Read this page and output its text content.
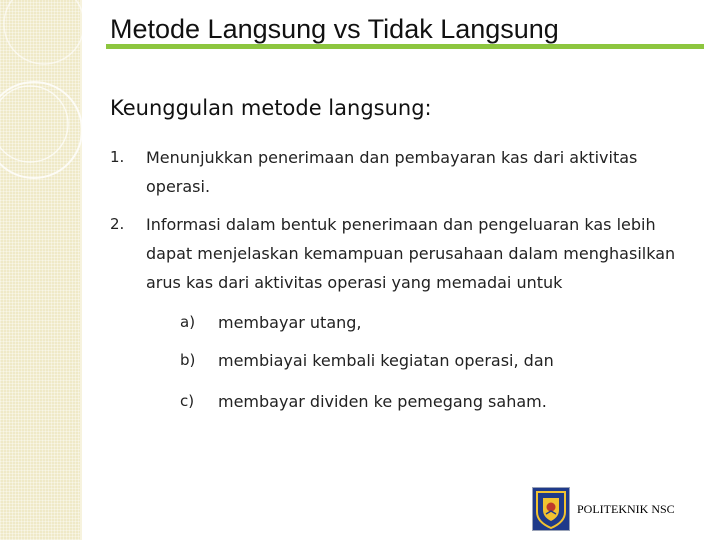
Metode Langsung vs Tidak Langsung
Keunggulan metode langsung:
1. Menunjukkan penerimaan dan pembayaran kas dari aktivitas operasi.
2. Informasi dalam bentuk penerimaan dan pengeluaran kas lebih dapat menjelaskan kemampuan perusahaan dalam menghasilkan arus kas dari aktivitas operasi yang memadai untuk
a) membayar utang,
b) membiayai kembali kegiatan operasi, dan
c) membayar dividen ke pemegang saham.
POLITEKNIK NSC
